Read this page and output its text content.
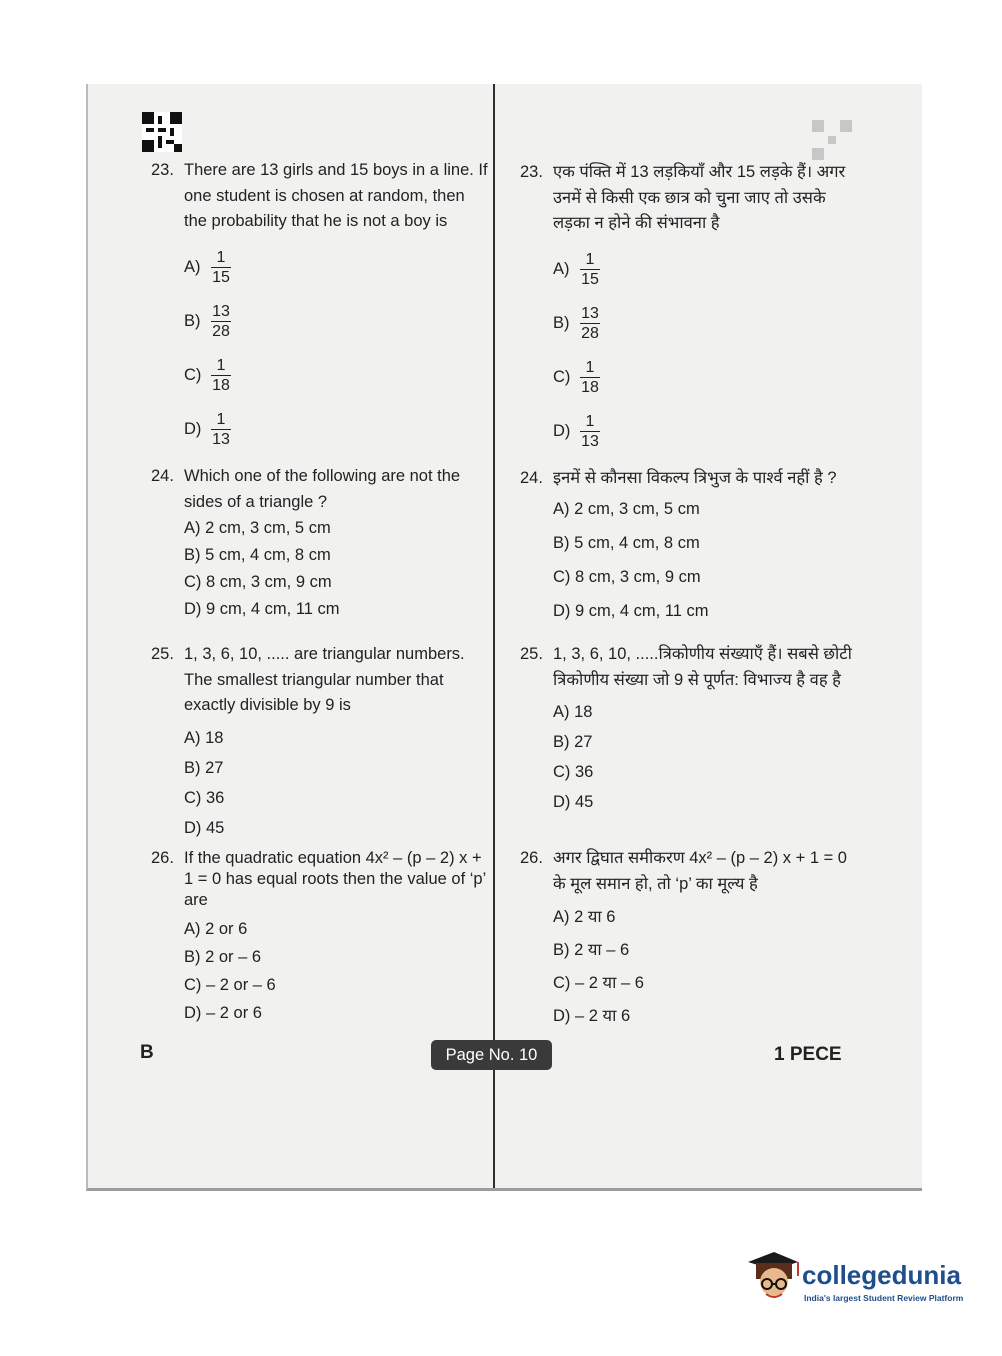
23. There are 13 girls and 15 boys in a line. If one student is chosen at random, then the probability that he is not a boy is
$A) \frac{1}{15}$
$B) \frac{13}{28}$
$C) \frac{1}{18}$
$D) \frac{1}{13}$
24. Which one of the following are not the sides of a triangle ?
A) 2 cm, 3 cm, 5 cm
B) 5 cm, 4 cm, 8 cm
C) 8 cm, 3 cm, 9 cm
D) 9 cm, 4 cm, 11 cm
25. 1, 3, 6, 10, ..... are triangular numbers. The smallest triangular number that exactly divisible by 9 is
A) 18
B) 27
C) 36
D) 45
26. If the quadratic equation 4x² – (p – 2) x + 1 = 0 has equal roots then the value of ‘p’ are
A) 2 or 6
B) 2 or – 6
C) – 2 or – 6
D) – 2 or 6
23. एक पंक्ति में 13 लड़कियाँ और 15 लड़के हैं। अगर उनमें से किसी एक छात्र को चुना जाए तो उसके लड़का न होने की संभावना है
$A) \frac{1}{15}$
$B) \frac{13}{28}$
$C) \frac{1}{18}$
$D) \frac{1}{13}$
24. इनमें से कौनसा विकल्प त्रिभुज के पार्श्व नहीं है ?
A) 2 cm, 3 cm, 5 cm
B) 5 cm, 4 cm, 8 cm
C) 8 cm, 3 cm, 9 cm
D) 9 cm, 4 cm, 11 cm
25. 1, 3, 6, 10, .....त्रिकोणीय संख्याएँ हैं। सबसे छोटी त्रिकोणीय संख्या जो 9 से पूर्णत: विभाज्य है वह है
A) 18
B) 27
C) 36
D) 45
26. अगर द्विघात समीकरण 4x² – (p – 2) x + 1 = 0 के मूल समान हो, तो ‘p’ का मूल्य है
A) 2 या 6
B) 2 या – 6
C) – 2 या – 6
D) – 2 या 6
B	Page No. 10	1 PECE
collegedunia
India's largest Student Review Platform
